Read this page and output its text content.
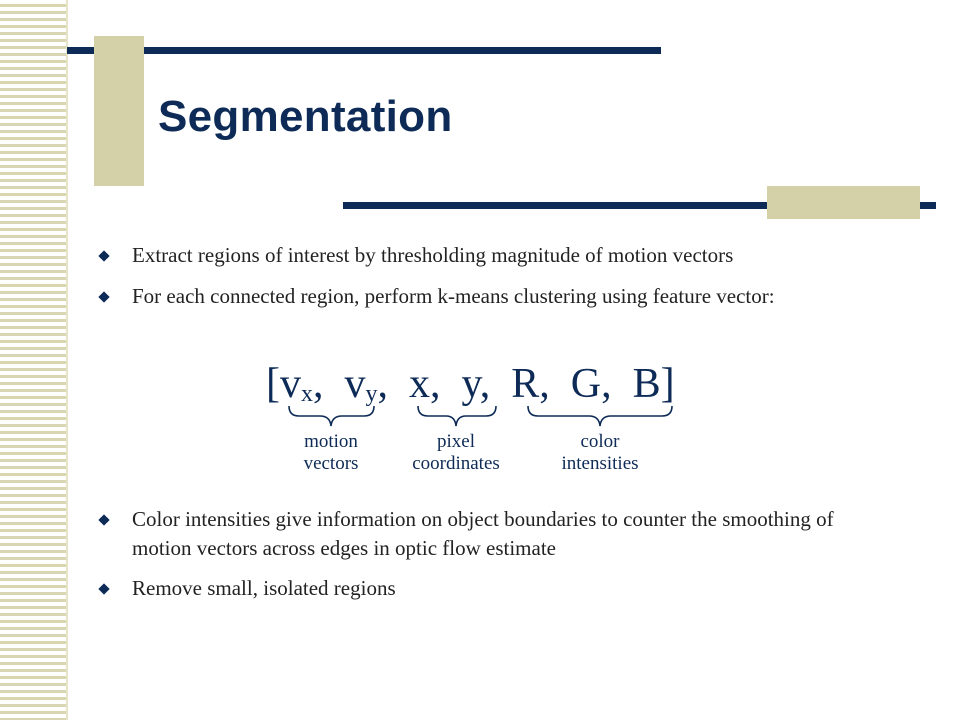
Segmentation
Extract regions of interest by thresholding magnitude of motion vectors
For each connected region, perform k-means clustering using feature vector:
[$v_x$,  $v_y$,  x,  y,  R,  G,  B]
motion
vectors
pixel
coordinates
color
intensities
Color intensities give information on object boundaries to counter the smoothing of motion vectors across edges in optic flow estimate
Remove small, isolated regions
